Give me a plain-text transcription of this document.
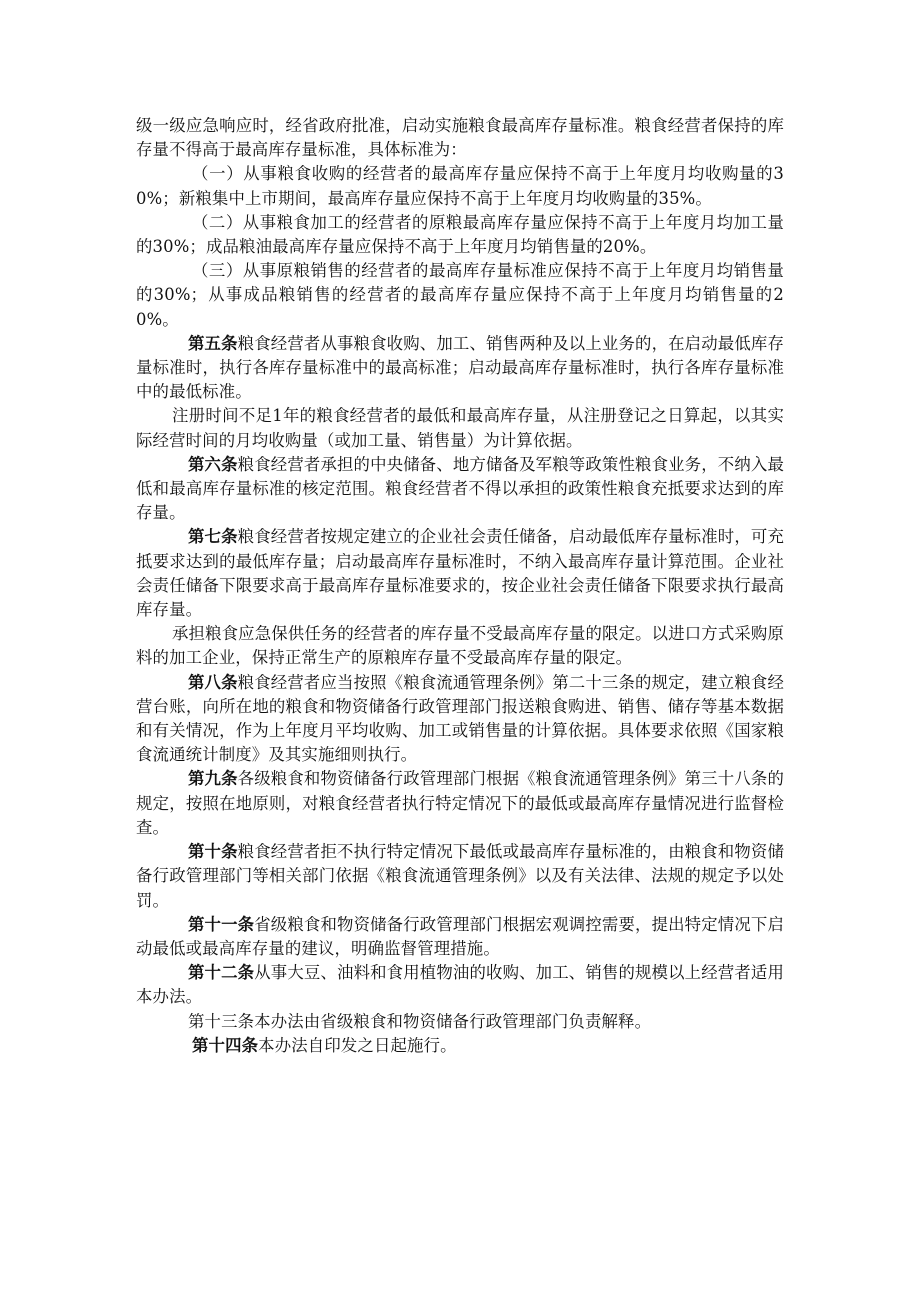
级一级应急响应时，经省政府批准，启动实施粮食最高库存量标准。粮食经营者保持的库存量不得高于最高库存量标准，具体标准为：

（一）从事粮食收购的经营者的最高库存量应保持不高于上年度月均收购量的30%；新粮集中上市期间，最高库存量应保持不高于上年度月均收购量的35%。

（二）从事粮食加工的经营者的原粮最高库存量应保持不高于上年度月均加工量的30%；成品粮油最高库存量应保持不高于上年度月均销售量的20%。

（三）从事原粮销售的经营者的最高库存量标准应保持不高于上年度月均销售量的30%；从事成品粮销售的经营者的最高库存量应保持不高于上年度月均销售量的20%。

第五条粮食经营者从事粮食收购、加工、销售两种及以上业务的，在启动最低库存量标准时，执行各库存量标准中的最高标准；启动最高库存量标准时，执行各库存量标准中的最低标准。

注册时间不足1年的粮食经营者的最低和最高库存量，从注册登记之日算起，以其实际经营时间的月均收购量（或加工量、销售量）为计算依据。

第六条粮食经营者承担的中央储备、地方储备及军粮等政策性粮食业务，不纳入最低和最高库存量标准的核定范围。粮食经营者不得以承担的政策性粮食充抵要求达到的库存量。

第七条粮食经营者按规定建立的企业社会责任储备，启动最低库存量标准时，可充抵要求达到的最低库存量；启动最高库存量标准时，不纳入最高库存量计算范围。企业社会责任储备下限要求高于最高库存量标准要求的，按企业社会责任储备下限要求执行最高库存量。

承担粮食应急保供任务的经营者的库存量不受最高库存量的限定。以进口方式采购原料的加工企业，保持正常生产的原粮库存量不受最高库存量的限定。

第八条粮食经营者应当按照《粮食流通管理条例》第二十三条的规定，建立粮食经营台账，向所在地的粮食和物资储备行政管理部门报送粮食购进、销售、储存等基本数据和有关情况，作为上年度月平均收购、加工或销售量的计算依据。具体要求依照《国家粮食流通统计制度》及其实施细则执行。

第九条各级粮食和物资储备行政管理部门根据《粮食流通管理条例》第三十八条的规定，按照在地原则，对粮食经营者执行特定情况下的最低或最高库存量情况进行监督检查。

第十条粮食经营者拒不执行特定情况下最低或最高库存量标准的，由粮食和物资储备行政管理部门等相关部门依据《粮食流通管理条例》以及有关法律、法规的规定予以处罚。

第十一条省级粮食和物资储备行政管理部门根据宏观调控需要，提出特定情况下启动最低或最高库存量的建议，明确监督管理措施。

第十二条从事大豆、油料和食用植物油的收购、加工、销售的规模以上经营者适用本办法。

第十三条本办法由省级粮食和物资储备行政管理部门负责解释。

第十四条本办法自印发之日起施行。
